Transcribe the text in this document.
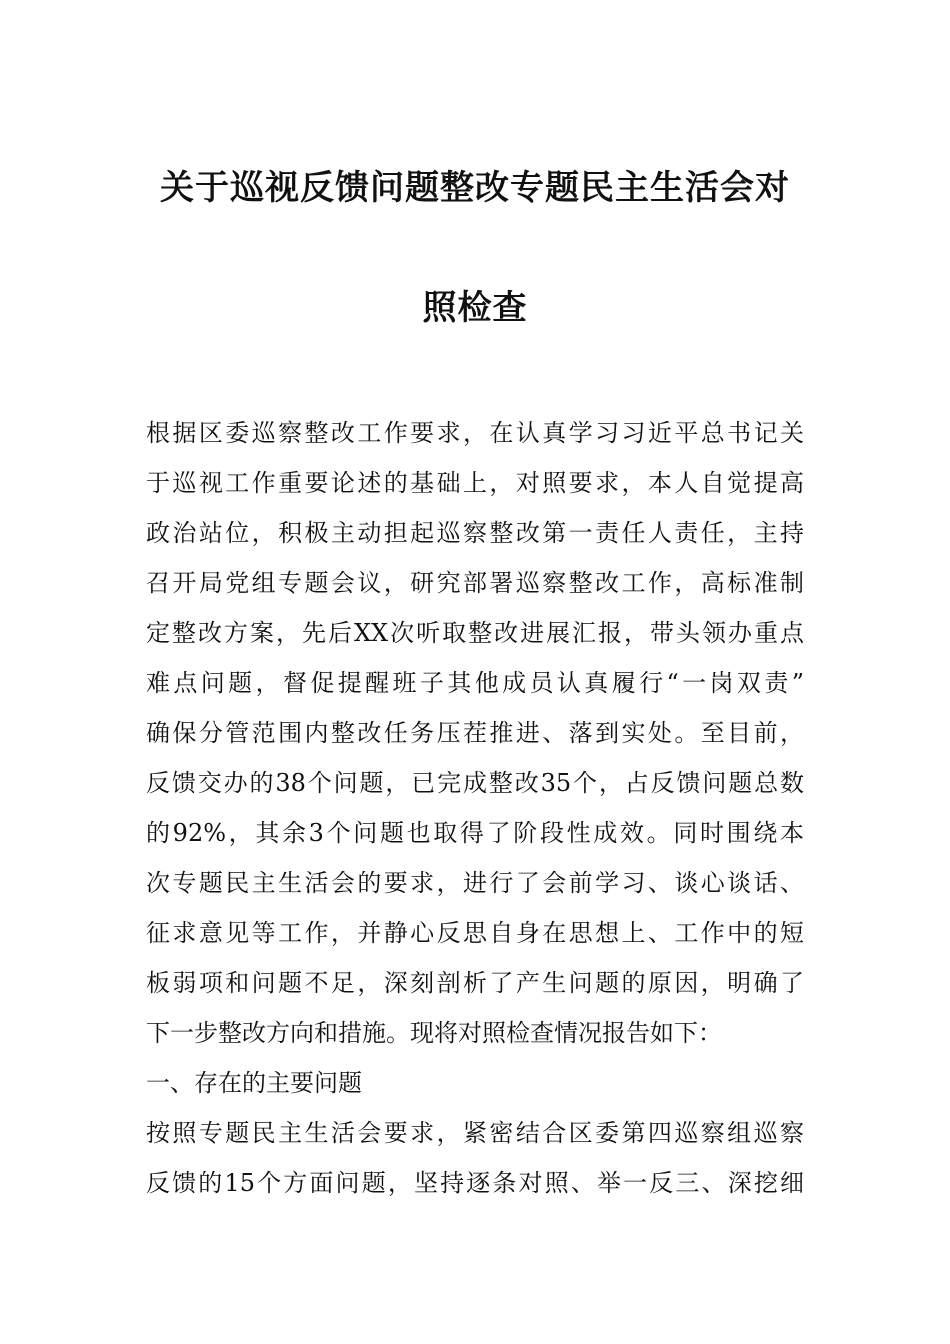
关于巡视反馈问题整改专题民主生活会对
照检查
根据区委巡察整改工作要求，在认真学习习近平总书记关
于巡视工作重要论述的基础上，对照要求，本人自觉提高
政治站位，积极主动担起巡察整改第一责任人责任，主持
召开局党组专题会议，研究部署巡察整改工作，高标准制
定整改方案，先后XX次听取整改进展汇报，带头领办重点
难点问题，督促提醒班子其他成员认真履行“一岗双责”
确保分管范围内整改任务压茬推进、落到实处。至目前，
反馈交办的38个问题，已完成整改35个，占反馈问题总数
的92%，其余3个问题也取得了阶段性成效。同时围绕本
次专题民主生活会的要求，进行了会前学习、谈心谈话、
征求意见等工作，并静心反思自身在思想上、工作中的短
板弱项和问题不足，深刻剖析了产生问题的原因，明确了
下一步整改方向和措施。现将对照检查情况报告如下：
一、存在的主要问题
按照专题民主生活会要求，紧密结合区委第四巡察组巡察
反馈的15个方面问题，坚持逐条对照、举一反三、深挖细
